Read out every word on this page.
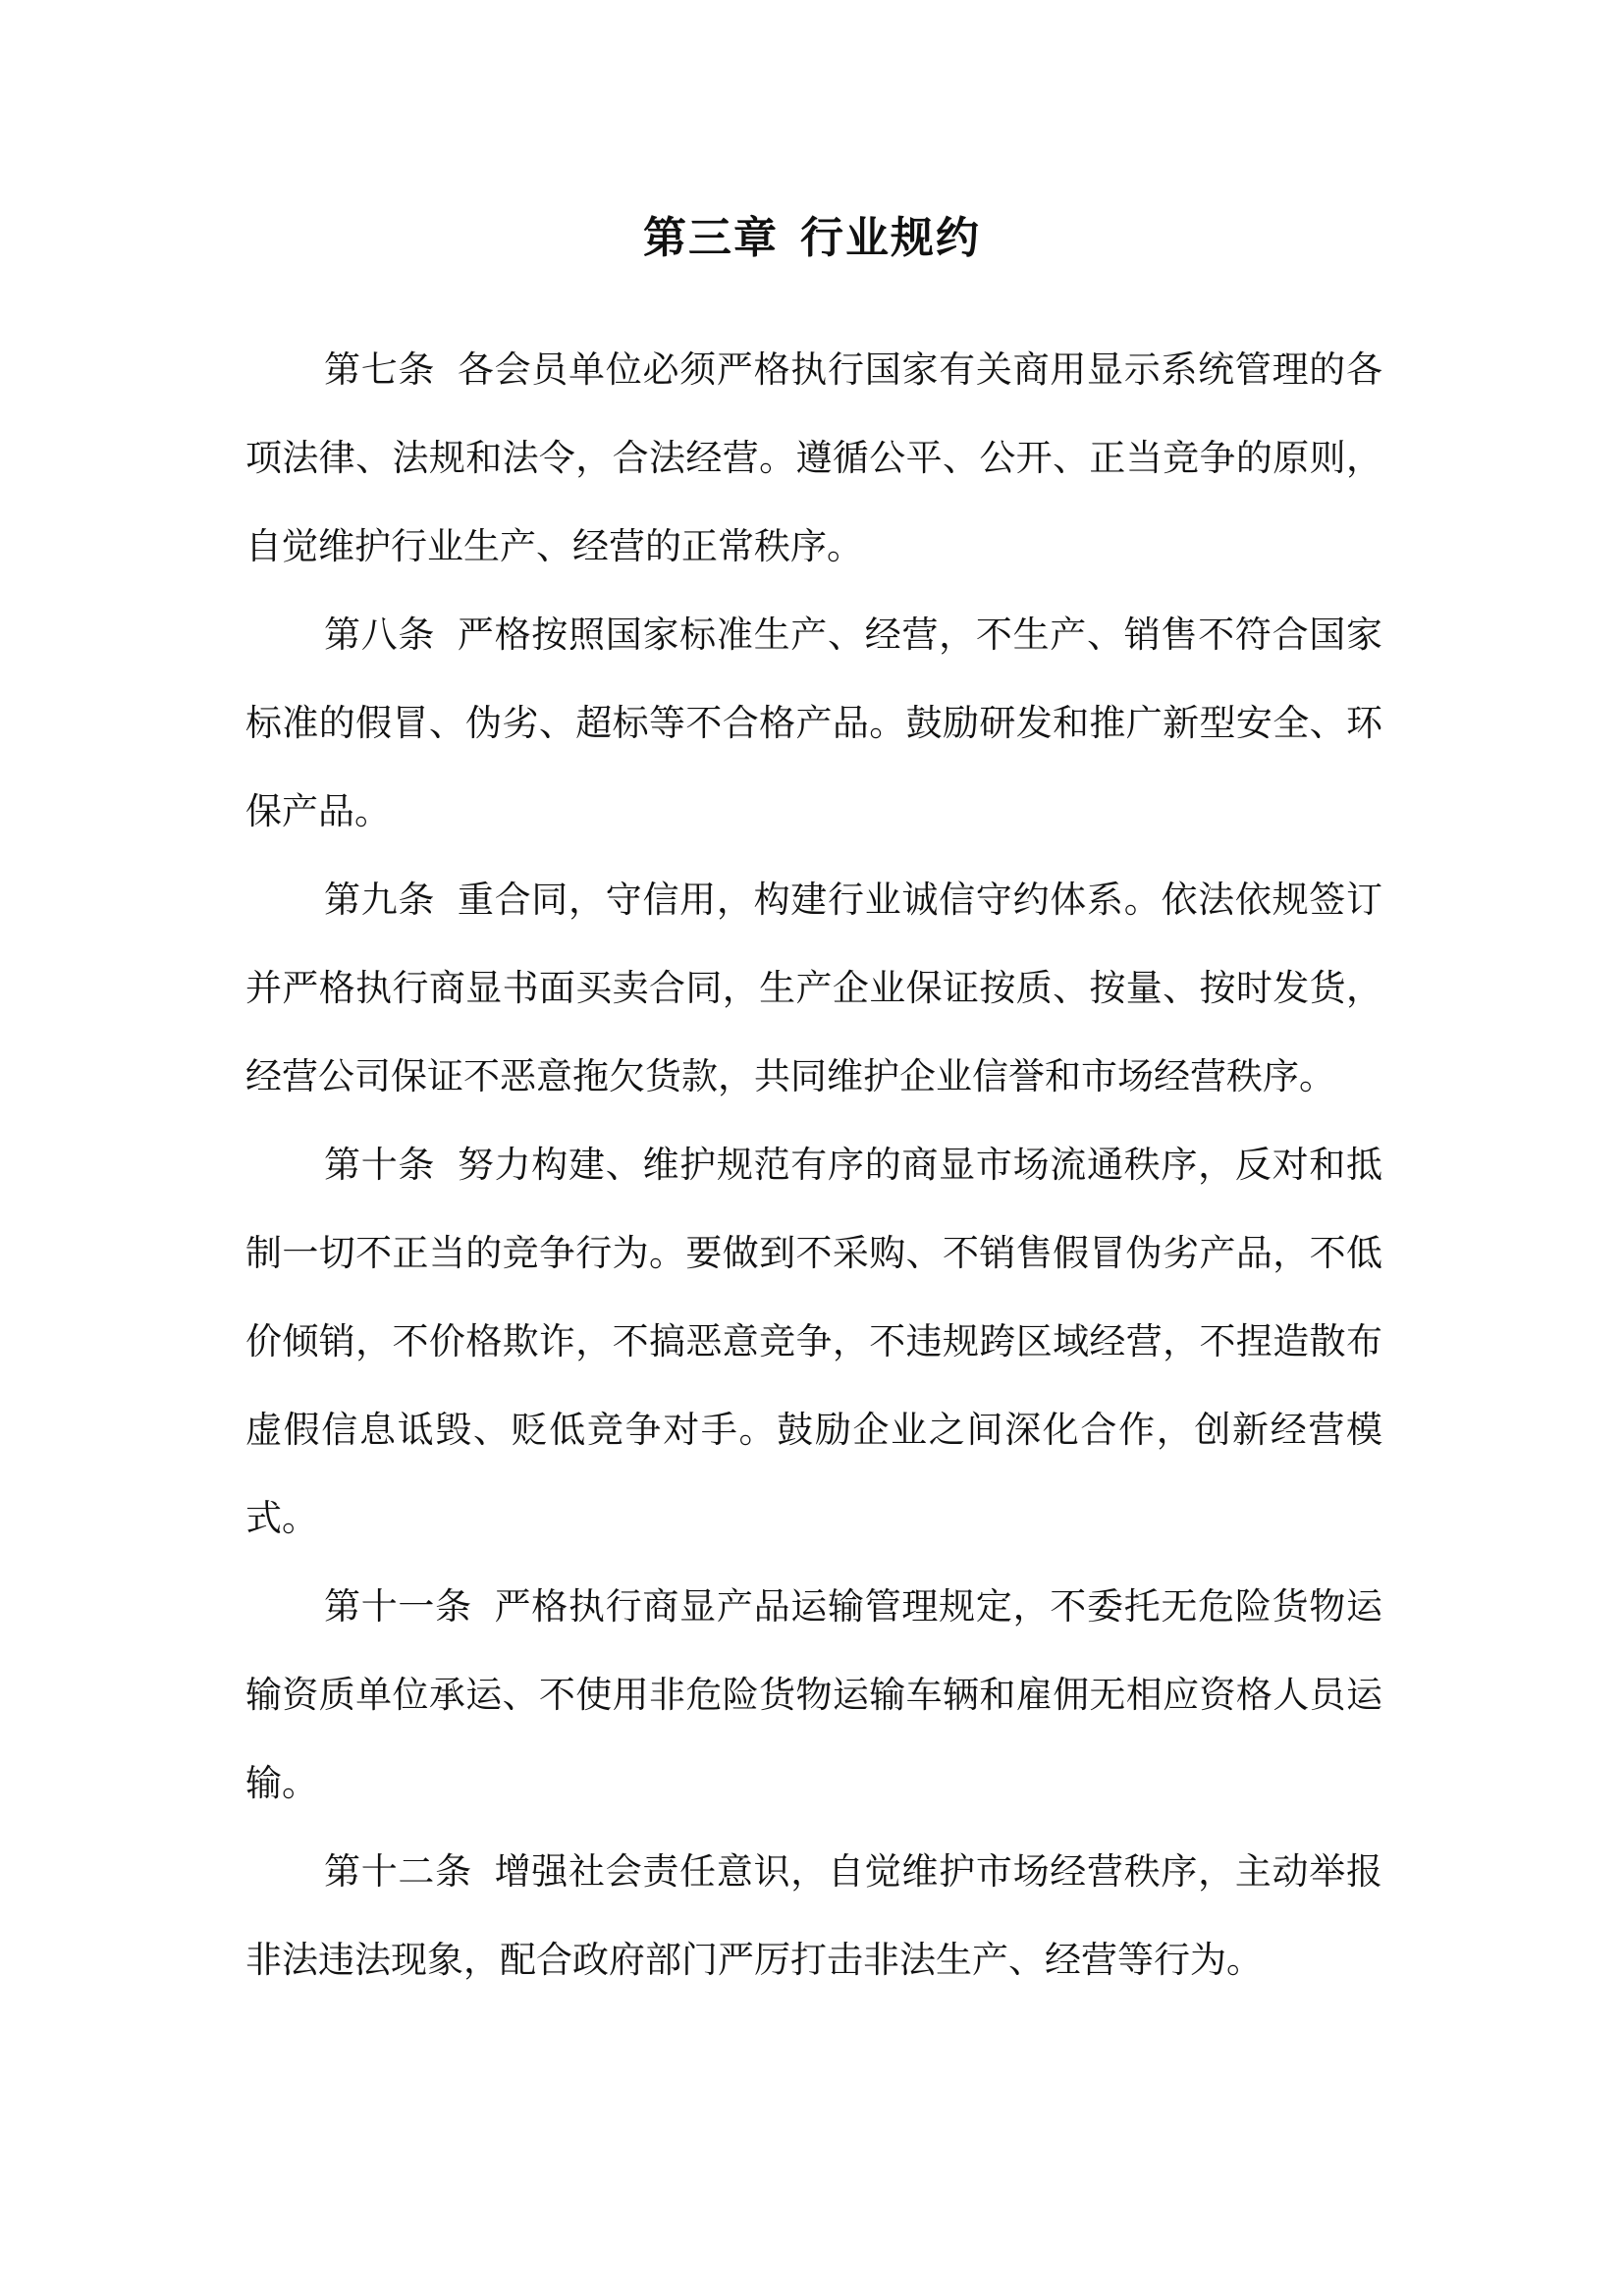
第三章 行业规约

第七条 各会员单位必须严格执行国家有关商用显示系统管理的各项法律、法规和法令，合法经营。遵循公平、公开、正当竞争的原则，自觉维护行业生产、经营的正常秩序。

第八条 严格按照国家标准生产、经营，不生产、销售不符合国家标准的假冒、伪劣、超标等不合格产品。鼓励研发和推广新型安全、环保产品。

第九条 重合同，守信用，构建行业诚信守约体系。依法依规签订并严格执行商显书面买卖合同，生产企业保证按质、按量、按时发货，经营公司保证不恶意拖欠货款，共同维护企业信誉和市场经营秩序。

第十条 努力构建、维护规范有序的商显市场流通秩序，反对和抵制一切不正当的竞争行为。要做到不采购、不销售假冒伪劣产品，不低价倾销，不价格欺诈，不搞恶意竞争，不违规跨区域经营，不捏造散布虚假信息诋毁、贬低竞争对手。鼓励企业之间深化合作，创新经营模式。

第十一条 严格执行商显产品运输管理规定，不委托无危险货物运输资质单位承运、不使用非危险货物运输车辆和雇佣无相应资格人员运输。

第十二条 增强社会责任意识，自觉维护市场经营秩序，主动举报非法违法现象，配合政府部门严厉打击非法生产、经营等行为。
